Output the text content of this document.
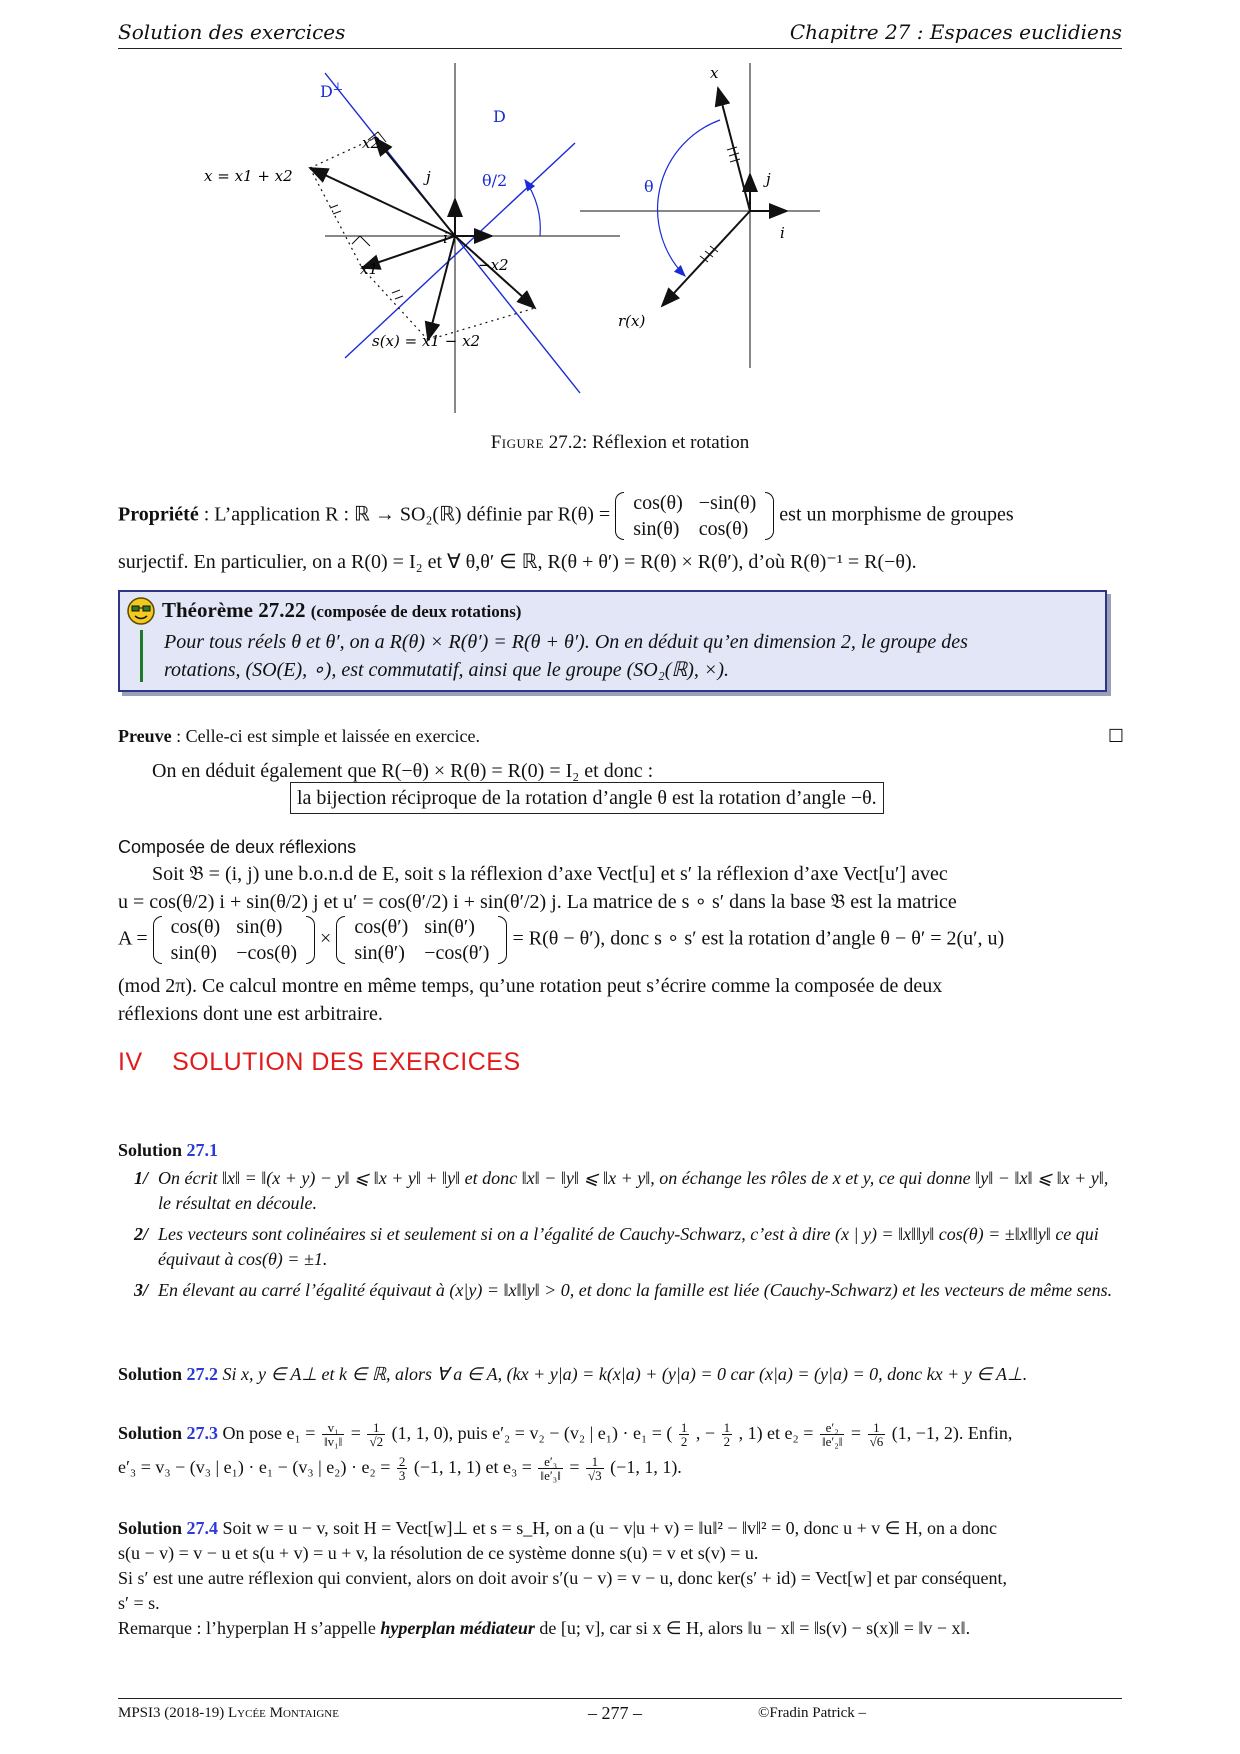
Solution des exercices	Chapitre 27 : Espaces euclidiens
D⊥
D
x2
x = x1 + x2	j
i
θ/2
x1	−x2
s(x) = x1 − x2
x
j
i
θ
r(x)
Figure 27.2: Réflexion et rotation
Propriété : L’application R : ℝ → SO₂(ℝ) définie par R(θ) =
cos(θ)	−sin(θ)
sin(θ)	cos(θ)
est un morphisme de groupes
surjectif. En particulier, on a R(0) = I₂ et ∀ θ,θ′ ∈ ℝ, R(θ + θ′) = R(θ) × R(θ′), d’où R(θ)⁻¹ = R(−θ).
Théorème 27.22 (composée de deux rotations)
Pour tous réels θ et θ′, on a R(θ) × R(θ′) = R(θ + θ′). On en déduit qu’en dimension 2, le groupe des
rotations, (SO(E), ∘), est commutatif, ainsi que le groupe (SO₂(ℝ), ×).
Preuve : Celle-ci est simple et laissée en exercice.	☐
On en déduit également que R(−θ) × R(θ) = R(0) = I₂ et donc :
la bijection réciproque de la rotation d’angle θ est la rotation d’angle −θ.
Composée de deux réflexions
Soit 𝔅 = (i, j) une b.o.n.d de E, soit s la réflexion d’axe Vect[u] et s′ la réflexion d’axe Vect[u′] avec
u = cos(θ/2) i + sin(θ/2) j et u′ = cos(θ′/2) i + sin(θ′/2) j. La matrice de s ∘ s′ dans la base 𝔅 est la matrice
A =
cos(θ)	sin(θ)
sin(θ)	−cos(θ)
×
cos(θ′)	sin(θ′)
sin(θ′)	−cos(θ′)
= R(θ − θ′), donc s ∘ s′ est la rotation d’angle θ − θ′ = 2(u′, u)
(mod 2π). Ce calcul montre en même temps, qu’une rotation peut s’écrire comme la composée de deux
réflexions dont une est arbitraire.
IV SOLUTION DES EXERCICES
Solution 27.1
1/ On écrit ‖x‖ = ‖(x + y) − y‖ ⩽ ‖x + y‖ + ‖y‖ et donc ‖x‖ − ‖y‖ ⩽ ‖x + y‖, on échange les rôles de x et y, ce qui donne ‖y‖ − ‖x‖ ⩽ ‖x + y‖, le résultat en découle.
2/ Les vecteurs sont colinéaires si et seulement si on a l’égalité de Cauchy-Schwarz, c’est à dire (x | y) = ‖x‖‖y‖ cos(θ) = ±‖x‖‖y‖ ce qui équivaut à cos(θ) = ±1.
3/ En élevant au carré l’égalité équivaut à (x|y) = ‖x‖‖y‖ > 0, et donc la famille est liée (Cauchy-Schwarz) et les vecteurs de même sens.
Solution 27.2 Si x, y ∈ A⊥ et k ∈ ℝ, alors ∀ a ∈ A, (kx + y|a) = k(x|a) + (y|a) = 0 car (x|a) = (y|a) = 0, donc kx + y ∈ A⊥.
Solution 27.3 On pose $e_1 = \frac{\text{v₁}}{\text{‖v₁‖}} = \frac{1}{√2} (1$, 1, 0), puis e′₂ = v₂ − (v₂ | e₁) · e₁ = ( $\frac{1}{2}$ , − $\frac{1}{2}$ , 1) et $e_2 = \frac{\text{e′₂}}{\text{‖e′₂‖}} = \frac{1}{√6} (1$, −1, 2). Enfin,
e′₃ = v₃ − (v₃ | e₁) · e₁ − (v₃ | $e_2) \cdot e_2 = \frac{2}{3} (-1$, 1, 1) et $e_3 = \frac{\text{e′₃}}{\text{‖e′₃‖}} = \frac{1}{√3} (-1$, 1, 1).
Solution 27.4 Soit w = u − v, soit H = Vect[w]⊥ et s = s_H, on a (u − v|u + v) = ‖u‖² − ‖v‖² = 0, donc u + v ∈ H, on a donc
s(u − v) = v − u et s(u + v) = u + v, la résolution de ce système donne s(u) = v et s(v) = u.
Si s′ est une autre réflexion qui convient, alors on doit avoir s′(u − v) = v − u, donc ker(s′ + id) = Vect[w] et par conséquent,
s′ = s.
Remarque : l’hyperplan H s’appelle hyperplan médiateur de [u; v], car si x ∈ H, alors ‖u − x‖ = ‖s(v) − s(x)‖ = ‖v − x‖.
MPSI3 (2018-19) Lycée Montaigne	– 277 –	©Fradin Patrick –
